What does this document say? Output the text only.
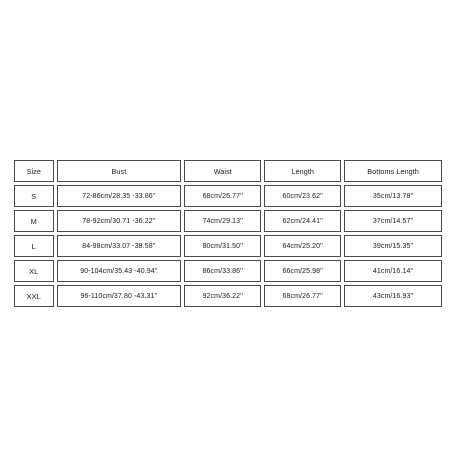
Size	Bust	Waist	Length	Bottoms Length
S	72-86cm/28.35 -33.86''	68cm/26.77''	60cm/23.62''	35cm/13.78''
M	78-92cm/30.71 -36.22''	74cm/29.13''	62cm/24.41''	37cm/14.57''
L	84-98cm/33.07 -38.58''	80cm/31.50''	64cm/25.20''	39cm/15.35''
XL	90-104cm/35.43 -40.94''	86cm/33.86''	66cm/25.98''	41cm/16.14''
XXL	96-110cm/37.80 -43.31''	92cm/36.22''	68cm/26.77''	43cm/16.93''
